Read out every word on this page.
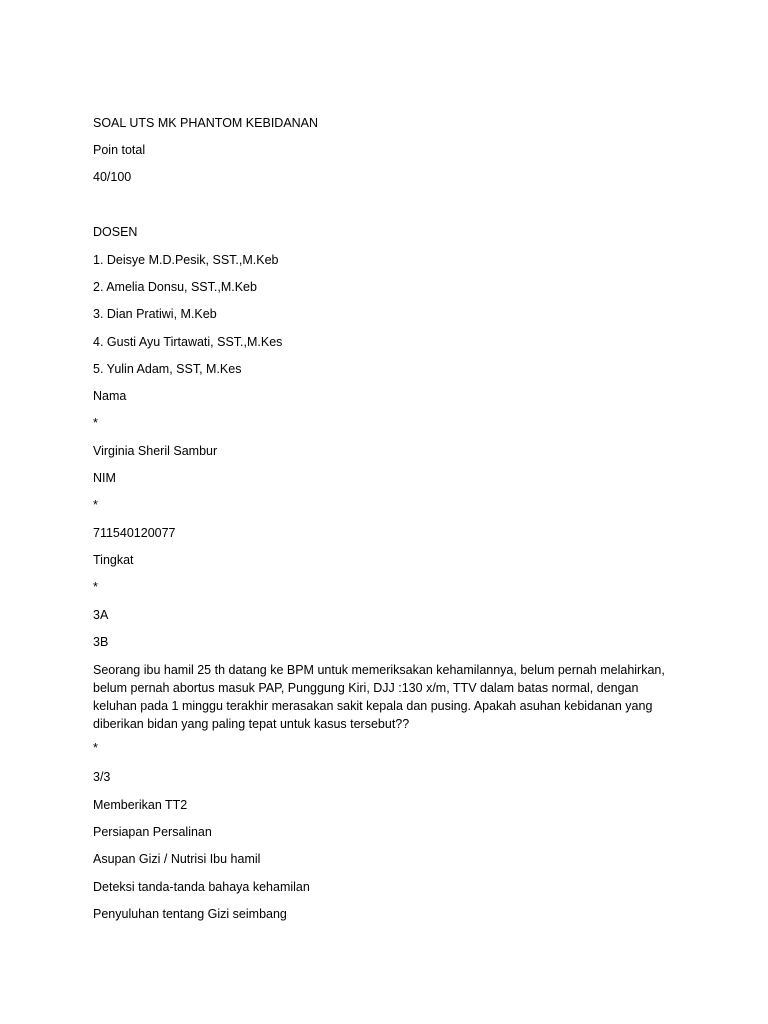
SOAL UTS MK PHANTOM KEBIDANAN
Poin total
40/100
DOSEN
1. Deisye M.D.Pesik, SST.,M.Keb
2. Amelia Donsu, SST.,M.Keb
3. Dian Pratiwi, M.Keb
4. Gusti Ayu Tirtawati, SST.,M.Kes
5. Yulin Adam, SST, M.Kes
Nama
*
Virginia Sheril Sambur
NIM
*
711540120077
Tingkat
*
3A
3B
Seorang ibu hamil 25 th datang ke BPM untuk memeriksakan kehamilannya, belum pernah melahirkan, belum pernah abortus masuk PAP, Punggung Kiri, DJJ :130 x/m, TTV dalam batas normal, dengan keluhan pada 1 minggu terakhir merasakan sakit kepala dan pusing. Apakah asuhan kebidanan yang diberikan bidan yang paling tepat untuk kasus tersebut??
*
3/3
Memberikan TT2
Persiapan Persalinan
Asupan Gizi / Nutrisi Ibu hamil
Deteksi tanda-tanda bahaya kehamilan
Penyuluhan tentang Gizi seimbang
